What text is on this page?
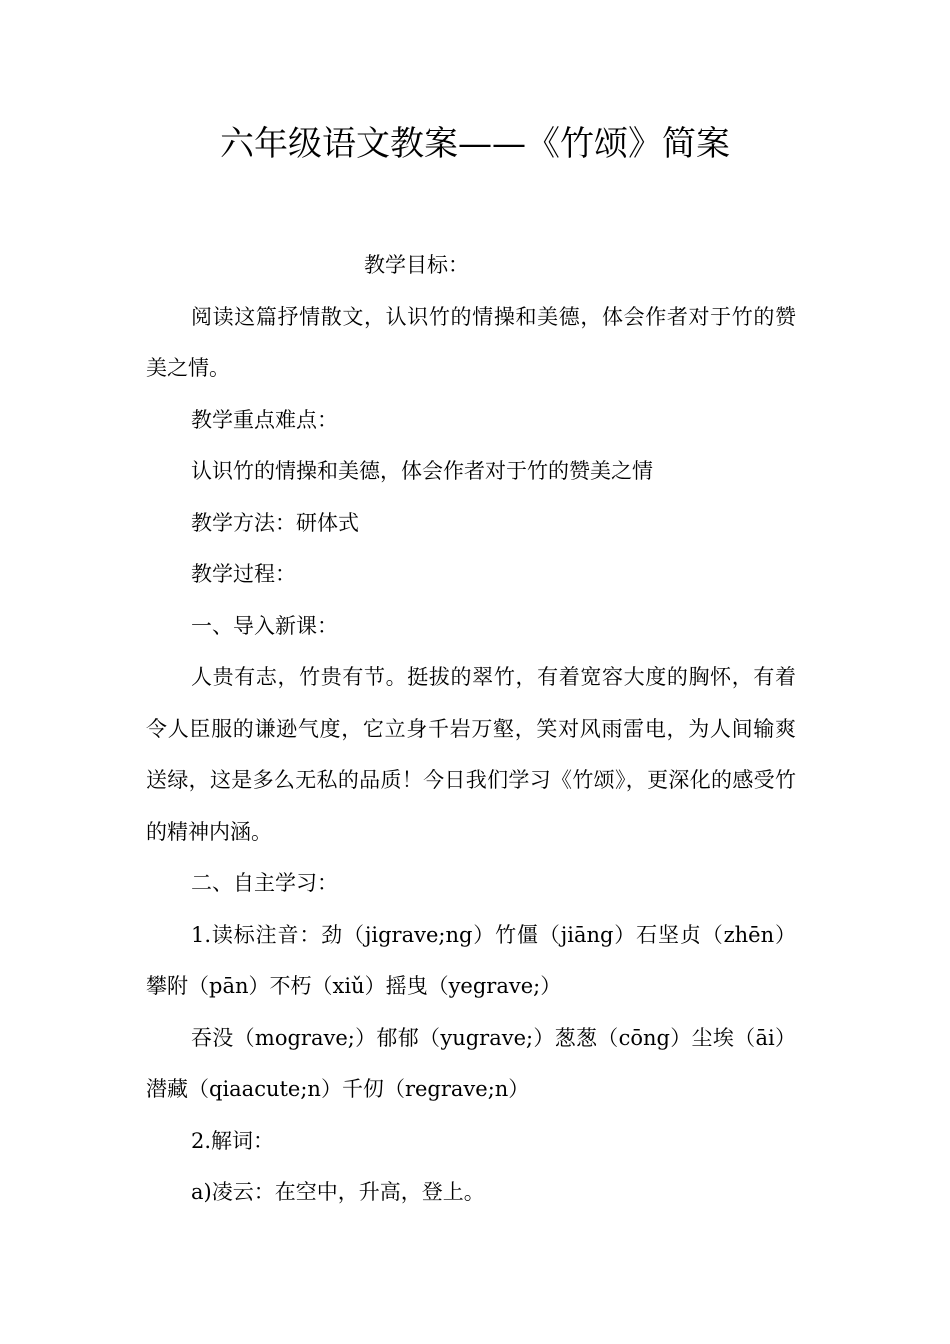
六年级语文教案——《竹颂》简案

教学目标：

阅读这篇抒情散文，认识竹的情操和美德，体会作者对于竹的赞美之情。

教学重点难点：

认识竹的情操和美德，体会作者对于竹的赞美之情

教学方法：研体式

教学过程：

一、导入新课：

人贵有志，竹贵有节。挺拔的翠竹，有着宽容大度的胸怀，有着令人臣服的谦逊气度，它立身千岩万壑，笑对风雨雷电，为人间输爽送绿，这是多么无私的品质！今日我们学习《竹颂》，更深化的感受竹的精神内涵。

二、自主学习：

1.读标注音：劲（jigrave;ng）竹僵（jiāng）石坚贞（zhēn）攀附（pān）不朽（xiǔ）摇曳（yegrave;）

吞没（mograve;）郁郁（yugrave;）葱葱（cōng）尘埃（āi）潜藏（qiaacute;n）千仞（regrave;n）

2.解词：

a)凌云：在空中，升高，登上。
